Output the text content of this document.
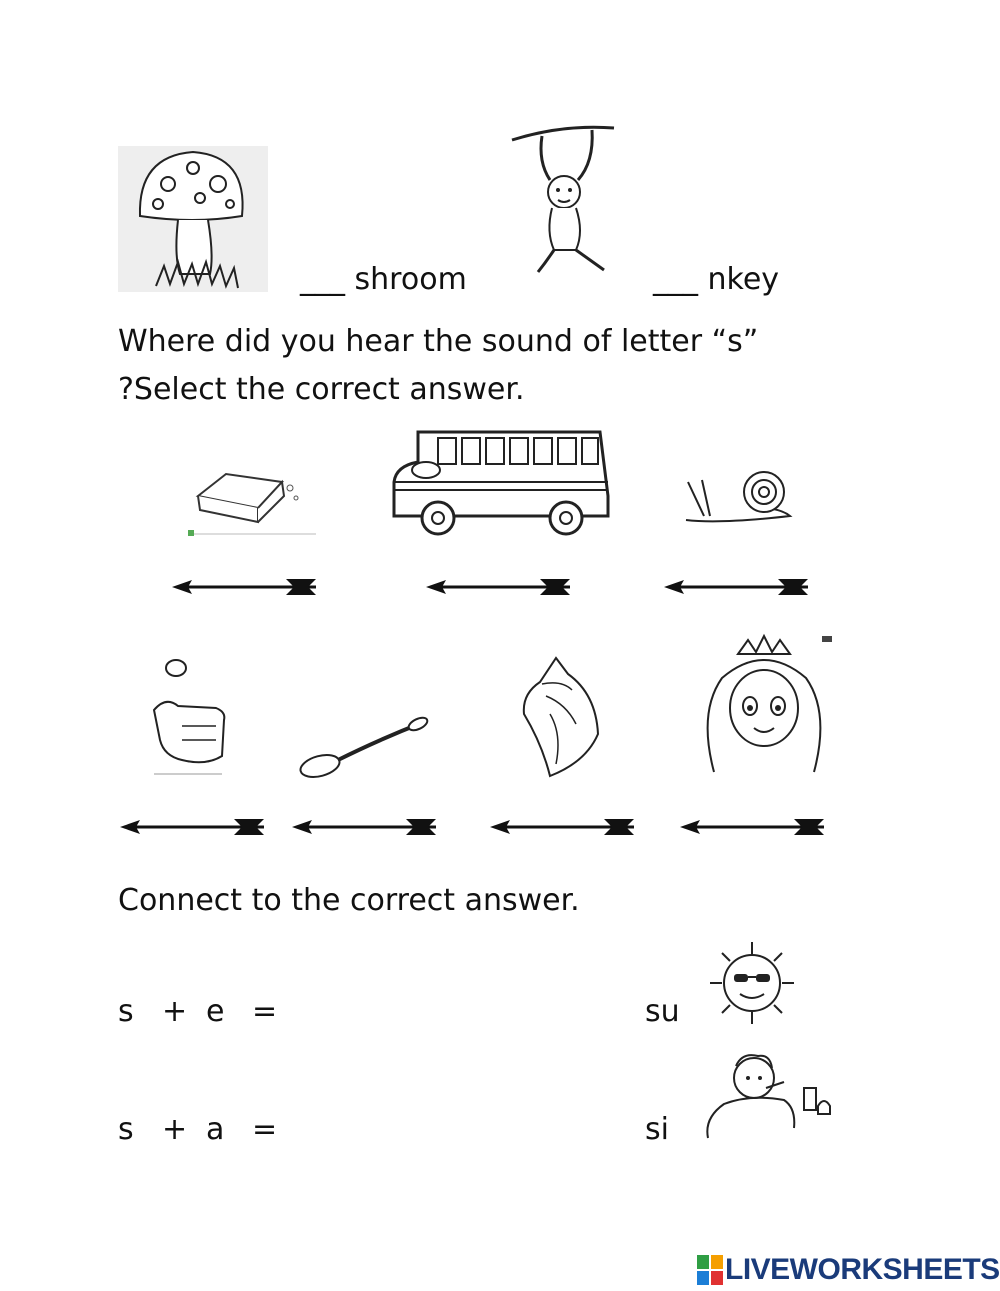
___ shroom	___ nkey
Where did you hear the sound of letter “s”
?Select the correct answer.
Connect to the correct answer.
s + e =
s + a =
su
si
LIVEWORKSHEETS
